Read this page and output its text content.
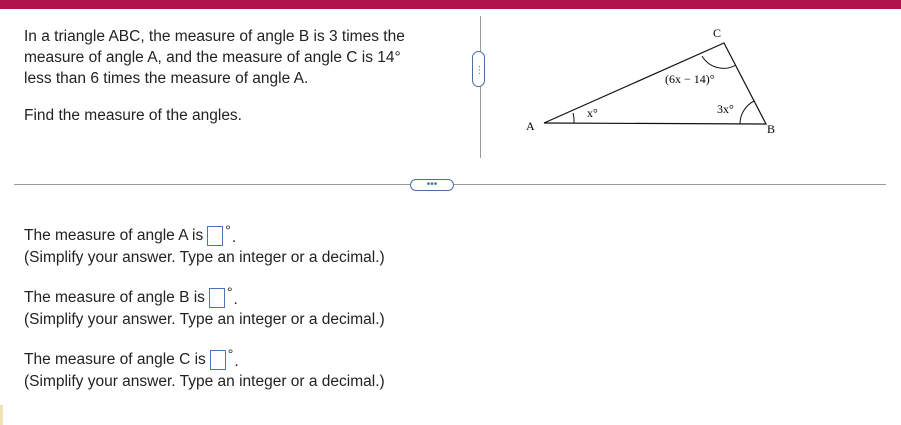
In a triangle ABC, the measure of angle B is 3 times the

measure of angle A, and the measure of angle C is 14°

less than 6 times the measure of angle A.

Find the measure of the angles.

⋯
A	B
C
x°	3x°
(6x − 14)°
•••
The measure of angle A is ° .
(Simplify your answer. Type an integer or a decimal.)
The measure of angle B is ° .
(Simplify your answer. Type an integer or a decimal.)
The measure of angle C is ° .
(Simplify your answer. Type an integer or a decimal.)
